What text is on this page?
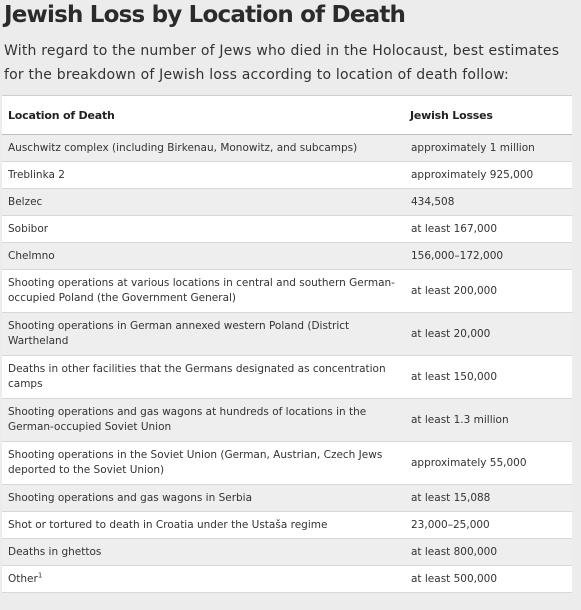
Jewish Loss by Location of Death

With regard to the number of Jews who died in the Holocaust, best estimates for the breakdown of Jewish loss according to location of death follow:

Location of Death	Jewish Losses
Auschwitz complex (including Birkenau, Monowitz, and subcamps)	approximately 1 million
Treblinka 2	approximately 925,000
Belzec	434,508
Sobibor	at least 167,000
Chelmno	156,000–172,000
Shooting operations at various locations in central and southern German-occupied Poland (the Government General)	at least 200,000
Shooting operations in German annexed western Poland (District Wartheland	at least 20,000
Deaths in other facilities that the Germans designated as concentration camps	at least 150,000
Shooting operations and gas wagons at hundreds of locations in the German-occupied Soviet Union	at least 1.3 million
Shooting operations in the Soviet Union (German, Austrian, Czech Jews deported to the Soviet Union)	approximately 55,000
Shooting operations and gas wagons in Serbia	at least 15,088
Shot or tortured to death in Croatia under the Ustaša regime	23,000–25,000
Deaths in ghettos	at least 800,000
Other$^1$	at least 500,000
